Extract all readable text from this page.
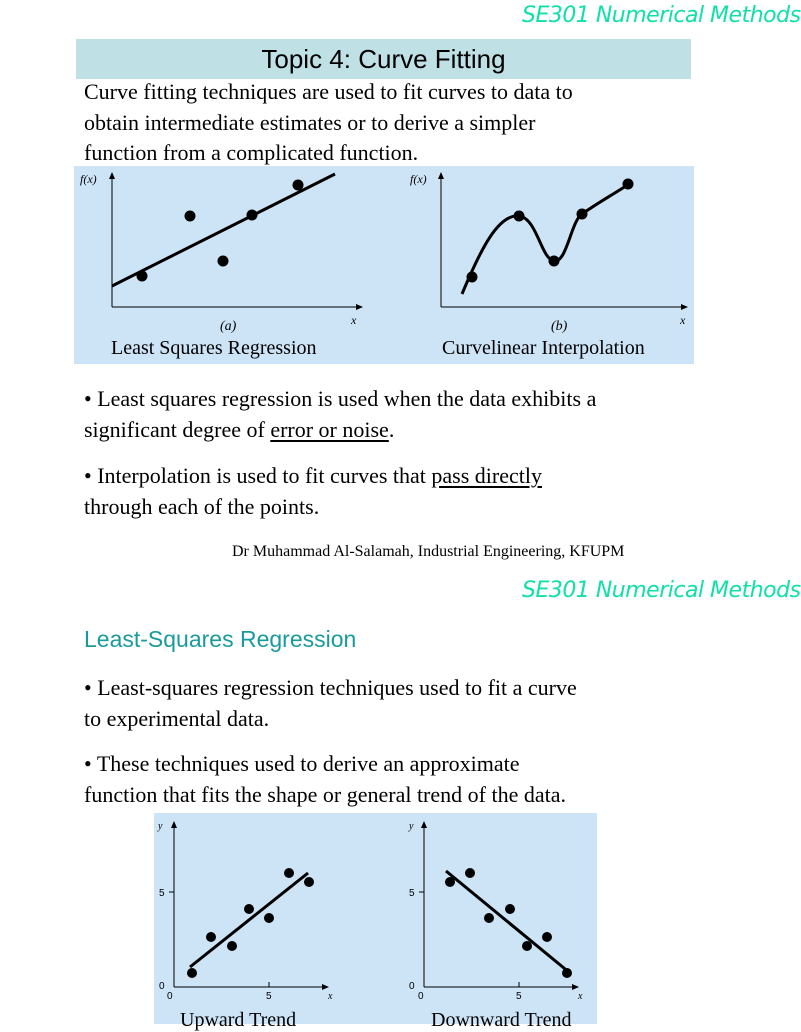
SE301 Numerical Methods
Topic 4: Curve Fitting
Curve fitting techniques are used to fit curves to data to
obtain intermediate estimates or to derive a simpler
function from a complicated function.
f(x)
x
(a)
f(x)
x
(b)
Least Squares Regression	Curvelinear Interpolation
• Least squares regression is used when the data exhibits a
significant degree of error or noise.
• Interpolation is used to fit curves that pass directly
through each of the points.
Dr Muhammad Al-Salamah, Industrial Engineering, KFUPM
SE301 Numerical Methods
Least-Squares Regression
• Least-squares regression techniques used to fit a curve
to experimental data.
• These techniques used to derive an approximate
function that fits the shape or general trend of the data.
y
0
5
0	5	x
y
0
5
0	5	x
Upward Trend	Downward Trend
